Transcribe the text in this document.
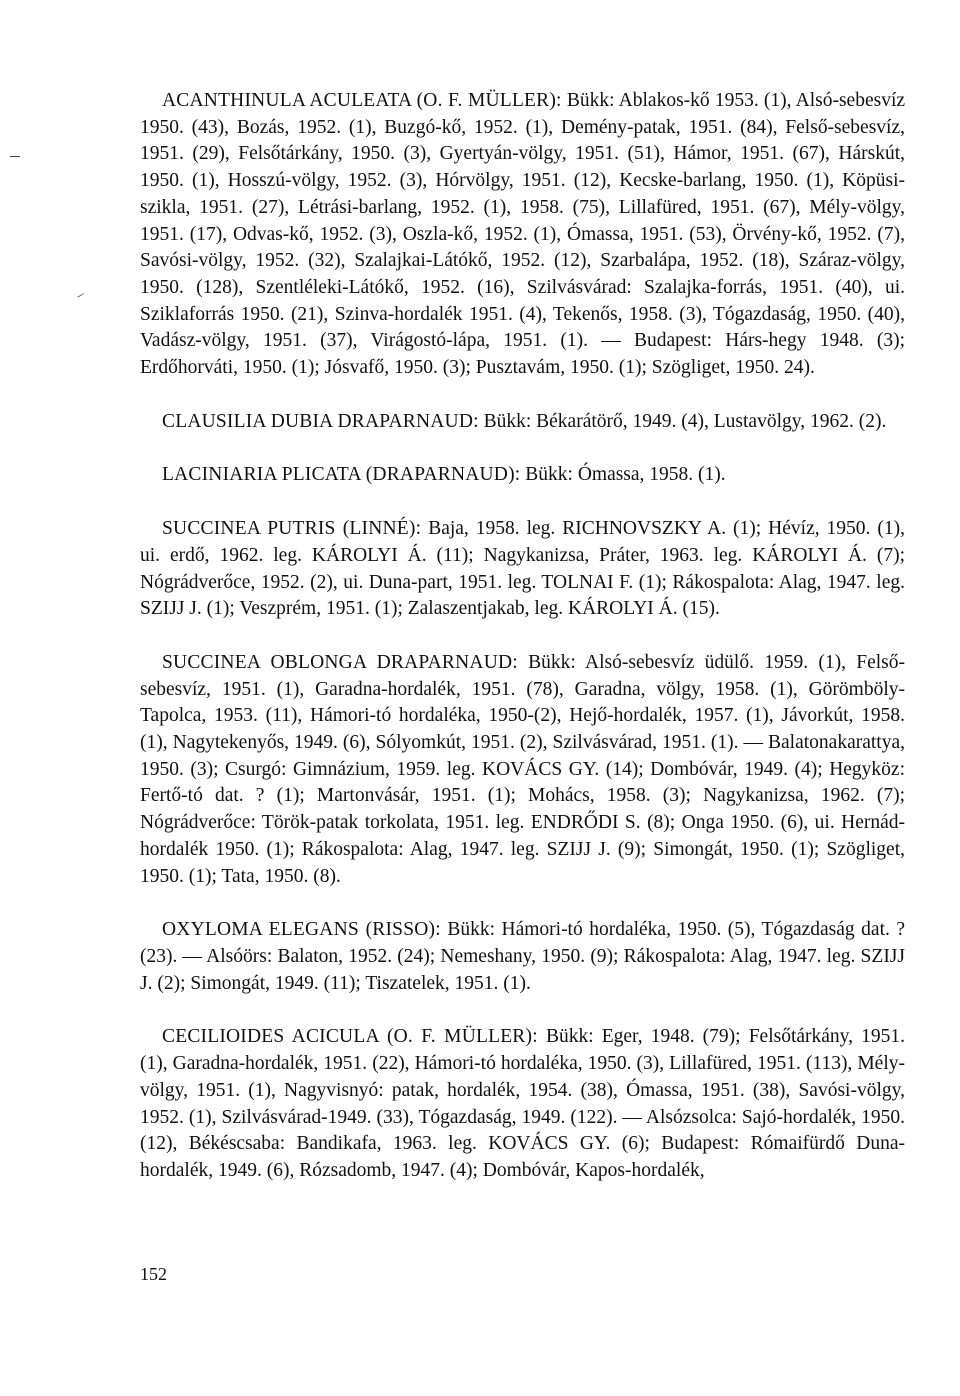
ACANTHINULA ACULEATA (O. F. MÜLLER): Bükk: Ablakos-kő 1953. (1), Alsó-sebesvíz 1950. (43), Bozás, 1952. (1), Buzgó-kő, 1952. (1), Demény-patak, 1951. (84), Felső-sebesvíz, 1951. (29), Felsőtárkány, 1950. (3), Gyertyán-völgy, 1951. (51), Hámor, 1951. (67), Hárskút, 1950. (1), Hosszú-völgy, 1952. (3), Hórvölgy, 1951. (12), Kecske-barlang, 1950. (1), Köpüsi-szikla, 1951. (27), Létrási-barlang, 1952. (1), 1958. (75), Lillafüred, 1951. (67), Mély-völgy, 1951. (17), Odvas-kő, 1952. (3), Oszla-kő, 1952. (1), Ómassa, 1951. (53), Örvény-kő, 1952. (7), Savósi-völgy, 1952. (32), Szalajkai-Látókő, 1952. (12), Szarbalápa, 1952. (18), Száraz-völgy, 1950. (128), Szentléleki-Látókő, 1952. (16), Szilvásvárad: Szalajka-forrás, 1951. (40), ui. Sziklaforrás 1950. (21), Szinva-hordalék 1951. (4), Tekenős, 1958. (3), Tógazdaság, 1950. (40), Vadász-völgy, 1951. (37), Virágostó-lápa, 1951. (1). — Budapest: Hárs-hegy 1948. (3); Erdőhorváti, 1950. (1); Jósvafő, 1950. (3); Pusztavám, 1950. (1); Szögliget, 1950. 24).

CLAUSILIA DUBIA DRAPARNAUD: Bükk: Békarátörő, 1949. (4), Lustavölgy, 1962. (2).

LACINIARIA PLICATA (DRAPARNAUD): Bükk: Ómassa, 1958. (1).

SUCCINEA PUTRIS (LINNÉ): Baja, 1958. leg. RICHNOVSZKY A. (1); Hévíz, 1950. (1), ui. erdő, 1962. leg. KÁROLYI Á. (11); Nagykanizsa, Práter, 1963. leg. KÁROLYI Á. (7); Nógrádverőce, 1952. (2), ui. Duna-part, 1951. leg. TOLNAI F. (1); Rákospalota: Alag, 1947. leg. SZIJJ J. (1); Veszprém, 1951. (1); Zalaszentjakab, leg. KÁROLYI Á. (15).

SUCCINEA OBLONGA DRAPARNAUD: Bükk: Alsó-sebesvíz üdülő. 1959. (1), Felső-sebesvíz, 1951. (1), Garadna-hordalék, 1951. (78), Garadna, völgy, 1958. (1), Görömböly-Tapolca, 1953. (11), Hámori-tó hordaléka, 1950-(2), Hejő-hordalék, 1957. (1), Jávorkút, 1958. (1), Nagytekenyős, 1949. (6), Sólyomkút, 1951. (2), Szilvásvárad, 1951. (1). — Balatonakarattya, 1950. (3); Csurgó: Gimnázium, 1959. leg. KOVÁCS GY. (14); Dombóvár, 1949. (4); Hegyköz: Fertő-tó dat. ? (1); Martonvásár, 1951. (1); Mohács, 1958. (3); Nagykanizsa, 1962. (7); Nógrádverőce: Török-patak torkolata, 1951. leg. ENDRŐDI S. (8); Onga 1950. (6), ui. Hernád-hordalék 1950. (1); Rákospalota: Alag, 1947. leg. SZIJJ J. (9); Simongát, 1950. (1); Szögliget, 1950. (1); Tata, 1950. (8).

OXYLOMA ELEGANS (RISSO): Bükk: Hámori-tó hordaléka, 1950. (5), Tógazdaság dat. ? (23). — Alsóörs: Balaton, 1952. (24); Nemeshany, 1950. (9); Rákospalota: Alag, 1947. leg. SZIJJ J. (2); Simongát, 1949. (11); Tiszatelek, 1951. (1).

CECILIOIDES ACICULA (O. F. MÜLLER): Bükk: Eger, 1948. (79); Felsőtárkány, 1951. (1), Garadna-hordalék, 1951. (22), Hámori-tó hordaléka, 1950. (3), Lillafüred, 1951. (113), Mély-völgy, 1951. (1), Nagyvisnyó: patak, hordalék, 1954. (38), Ómassa, 1951. (38), Savósi-völgy, 1952. (1), Szilvásvárad-1949. (33), Tógazdaság, 1949. (122). — Alsózsolca: Sajó-hordalék, 1950. (12), Békéscsaba: Bandikafa, 1963. leg. KOVÁCS GY. (6); Budapest: Rómaifürdő Duna-hordalék, 1949. (6), Rózsadomb, 1947. (4); Dombóvár, Kapos-hordalék,

152
